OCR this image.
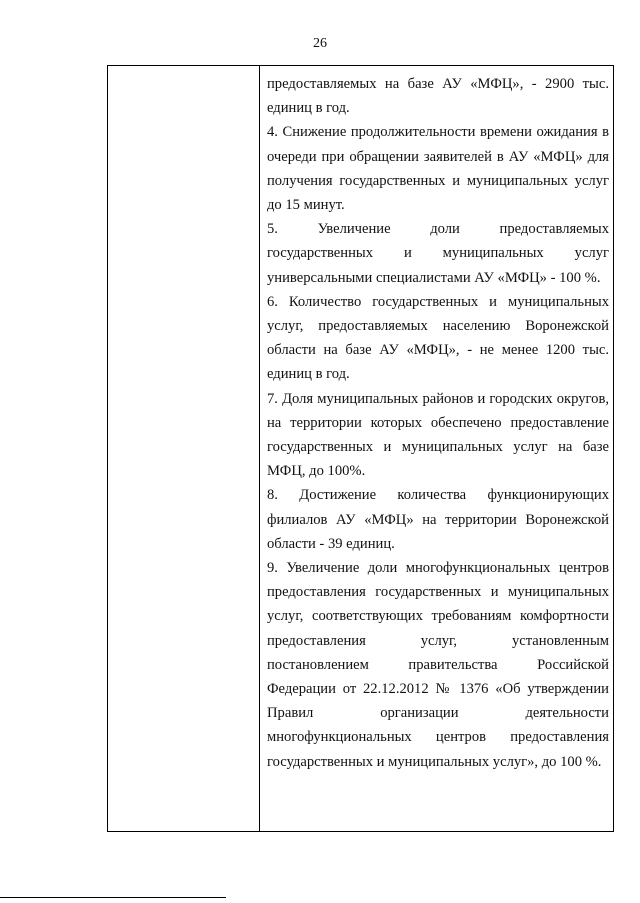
26

предоставляемых на базе АУ «МФЦ», - 2900 тыс. единиц в год.

4. Снижение продолжительности времени ожидания в очереди при обращении заявителей в АУ «МФЦ» для получения государственных и муниципальных услуг до 15 минут.

5. Увеличение доли предоставляемых государственных и муниципальных услуг универсальными специалистами АУ «МФЦ» - 100 %.

6. Количество государственных и муниципальных услуг, предоставляемых населению Воронежской области на базе АУ «МФЦ», - не менее 1200 тыс. единиц в год.

7. Доля муниципальных районов и городских округов, на территории которых обеспечено предоставление государственных и муниципальных услуг на базе МФЦ, до 100%.

8. Достижение количества функционирующих филиалов АУ «МФЦ» на территории Воронежской области - 39 единиц.

9. Увеличение доли многофункциональных центров предоставления государственных и муниципальных услуг, соответствующих требованиям комфортности предоставления услуг, установленным постановлением правительства Российской Федерации от 22.12.2012 № 1376 «Об утверждении Правил организации деятельности многофункциональных центров предоставления государственных и муниципальных услуг», до 100 %.
